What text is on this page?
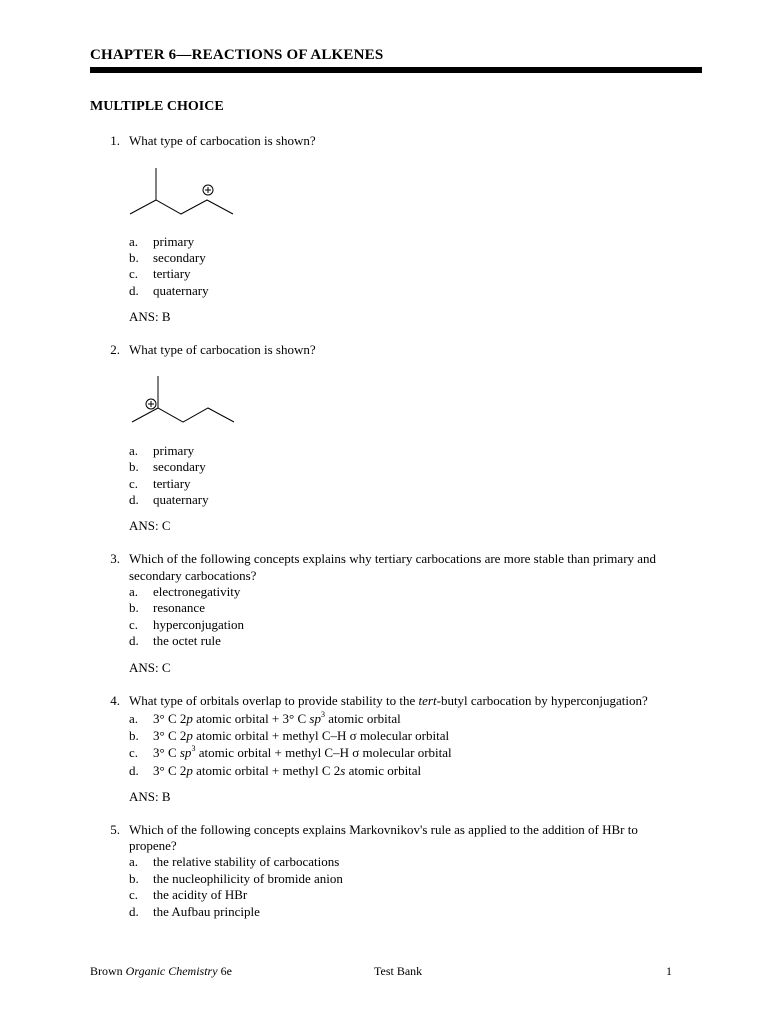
CHAPTER 6—REACTIONS OF ALKENES
MULTIPLE CHOICE
1. What type of carbocation is shown?
a.	primary
b.	secondary
c.	tertiary
d.	quaternary
ANS: B
2. What type of carbocation is shown?
a.	primary
b.	secondary
c.	tertiary
d.	quaternary
ANS: C
3. Which of the following concepts explains why tertiary carbocations are more stable than primary and
secondary carbocations?
a.	electronegativity
b.	resonance
c.	hyperconjugation
d.	the octet rule
ANS: C
4. What type of orbitals overlap to provide stability to the tert-butyl carbocation by hyperconjugation?
a.	3° C 2p atomic orbital + 3° C $sp^3$ atomic orbital
b.	3° C 2p atomic orbital + methyl C–H σ molecular orbital
c.	3° C $sp^3$ atomic orbital + methyl C–H σ molecular orbital
d.	3° C 2p atomic orbital + methyl C 2s atomic orbital
ANS: B
5. Which of the following concepts explains Markovnikov's rule as applied to the addition of HBr to
propene?
a.	the relative stability of carbocations
b.	the nucleophilicity of bromide anion
c.	the acidity of HBr
d.	the Aufbau principle
Brown Organic Chemistry 6e	Test Bank	1
